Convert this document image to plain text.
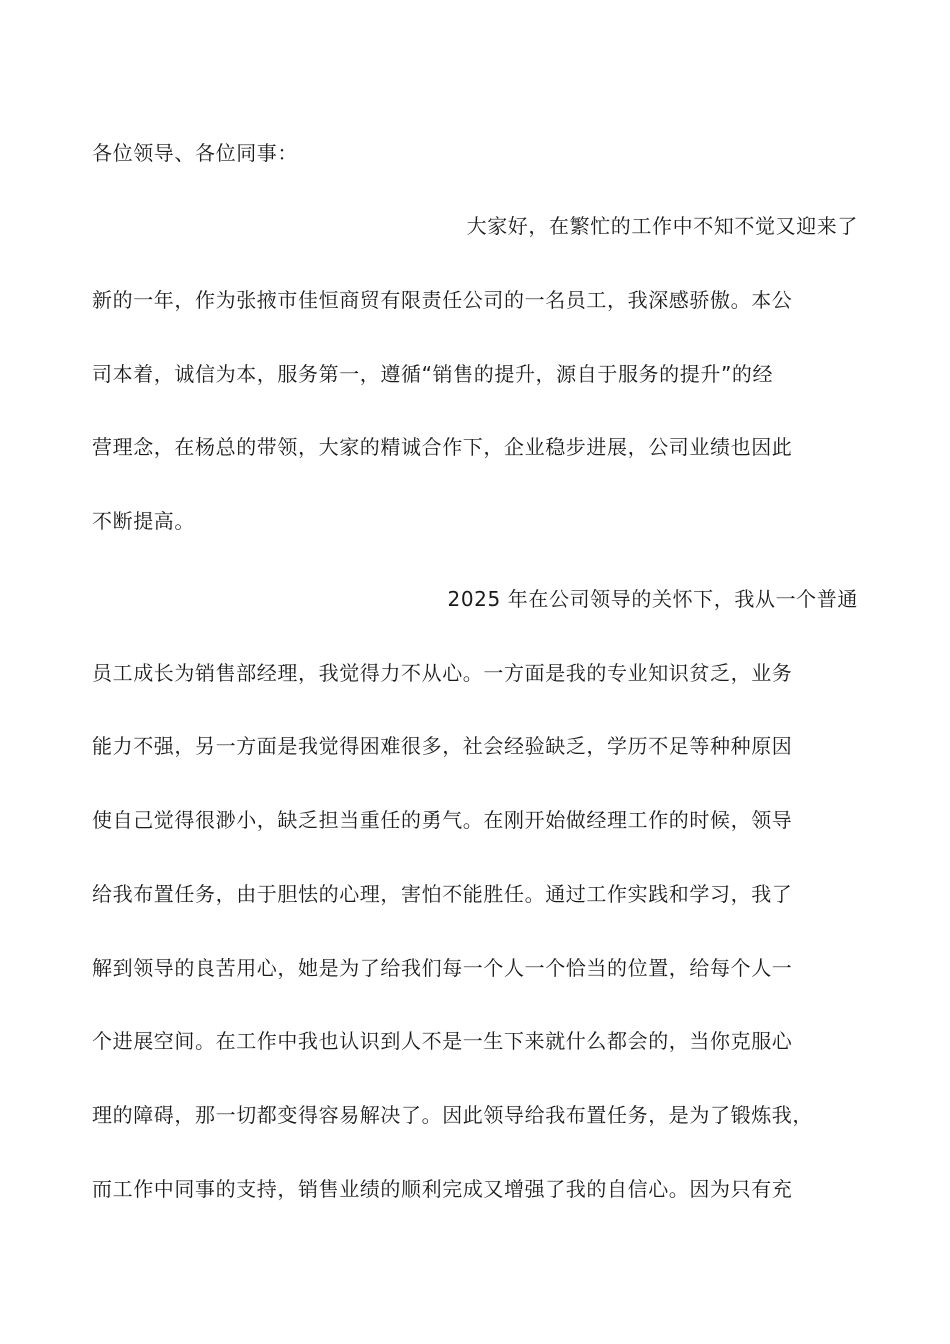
各位领导、各位同事：
大家好，在繁忙的工作中不知不觉又迎来了
新的一年，作为张掖市佳恒商贸有限责任公司的一名员工，我深感骄傲。本公
司本着，诚信为本，服务第一，遵循“销售的提升，源自于服务的提升”的经
营理念，在杨总的带领，大家的精诚合作下，企业稳步进展，公司业绩也因此
不断提高。
2025 年在公司领导的关怀下，我从一个普通
员工成长为销售部经理，我觉得力不从心。一方面是我的专业知识贫乏，业务
能力不强，另一方面是我觉得困难很多，社会经验缺乏，学历不足等种种原因
使自己觉得很渺小，缺乏担当重任的勇气。在刚开始做经理工作的时候，领导
给我布置任务，由于胆怯的心理，害怕不能胜任。通过工作实践和学习，我了
解到领导的良苦用心，她是为了给我们每一个人一个恰当的位置，给每个人一
个进展空间。在工作中我也认识到人不是一生下来就什么都会的，当你克服心
理的障碍，那一切都变得容易解决了。因此领导给我布置任务，是为了锻炼我，
而工作中同事的支持，销售业绩的顺利完成又增强了我的自信心。因为只有充
